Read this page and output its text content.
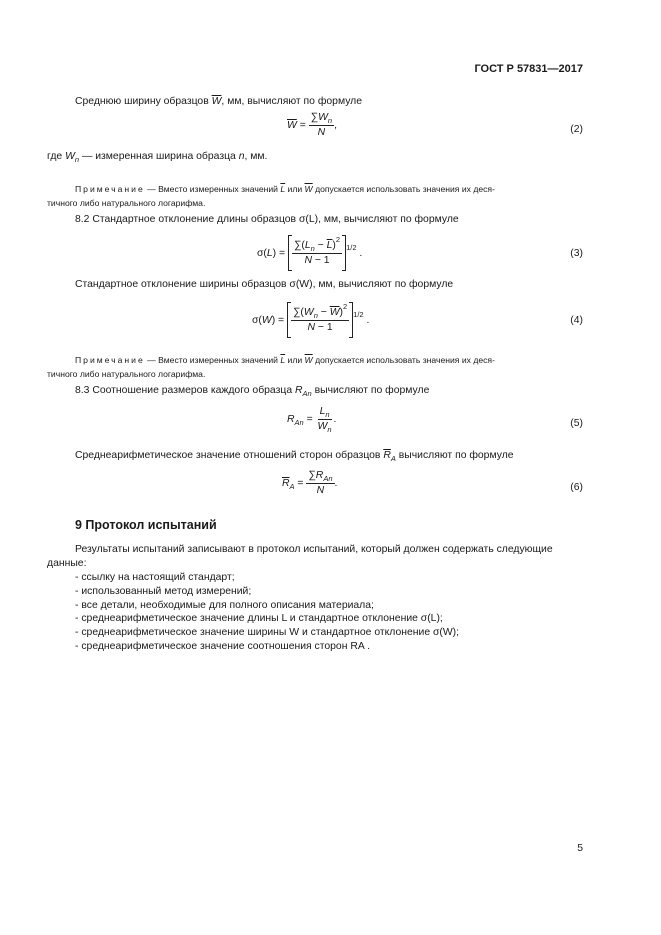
ГОСТ Р 57831—2017
Среднюю ширину образцов $\overline{W}$, мм, вычисляют по формуле
$\overline{W} = \frac{\sum W_n}{N}$ ,	(2)
где $W_n$ — измеренная ширина образца n, мм.
Примечание — Вместо измеренных значений $\overline{L}$ или $\overline{W}$ допускается использовать значения их деся-
тичного либо натурального логарифма.
8.2 Стандартное отклонение длины образцов σ(L), мм, вычисляют по формуле
σ( L ) = $\frac{\sum(L_n - \overline{L})^2}{N - 1} 1/2$
.	(3)
Стандартное отклонение ширины образцов σ(W), мм, вычисляют по формуле
σ( W ) = $\frac{\sum(W_n - \overline{W})^2}{N - 1} 1/2$
.	(4)
Примечание — Вместо измеренных значений $\overline{L}$ или $\overline{W}$ допускается использовать значения их деся-
тичного либо натурального логарифма.
8.3 Соотношение размеров каждого образца $R_{An}$ вычисляют по формуле
R $An = \frac{L_n}{W_n}$ .	(5)
Среднеарифметическое значение отношений сторон образцов $\overline{R}_A$ вычисляют по формуле
$\overline{R}$ $A = \frac{\sum R_{An}}{N}$ .	(6)
9 Протокол испытаний
Результаты испытаний записывают в протокол испытаний, который должен содержать следующие
данные:
- ссылку на настоящий стандарт;
- использованный метод измерений;
- все детали, необходимые для полного описания материала;
- среднеарифметическое значение длины L и стандартное отклонение σ(L);
- среднеарифметическое значение ширины W и стандартное отклонение σ(W);
- среднеарифметическое значение соотношения сторон RA .
5
